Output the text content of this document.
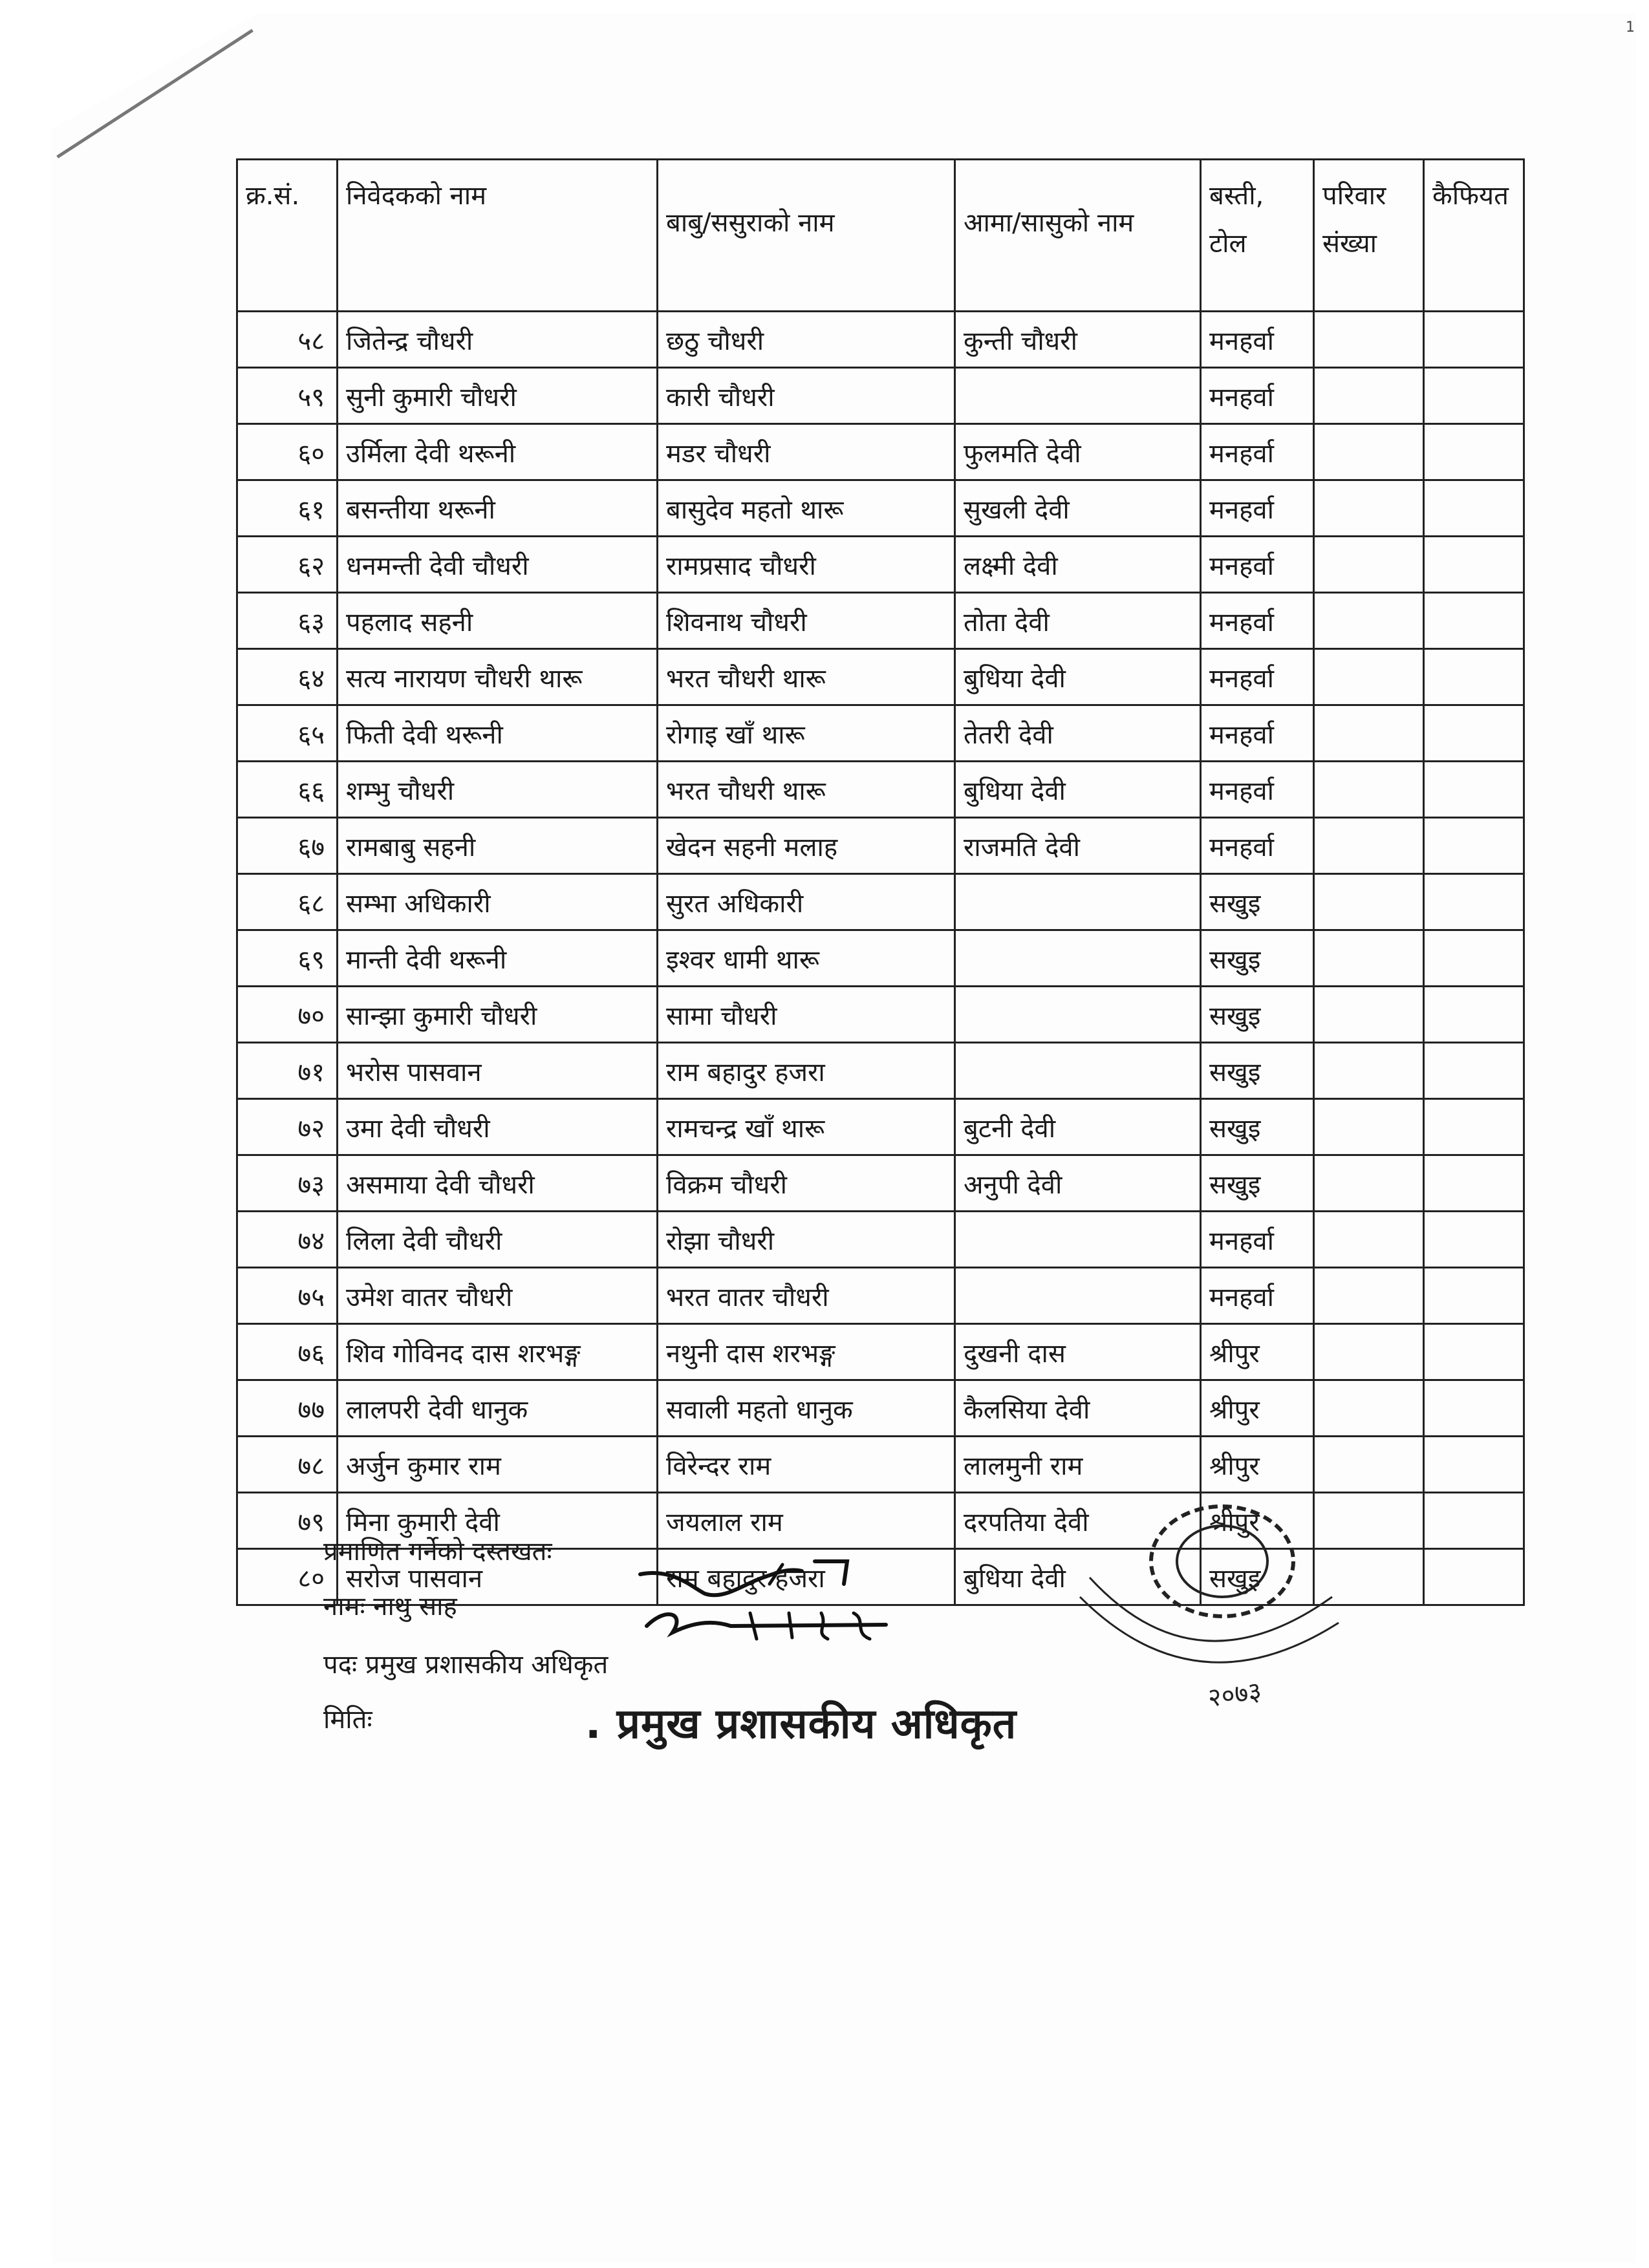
1
क्र.सं.	निवेदकको नाम	बाबु/ससुराको नाम	आमा/सासुको नाम	बस्ती, टोल	परिवार संख्या	कैफियत
५८	जितेन्द्र चौधरी	छठु चौधरी	कुन्ती चौधरी	मनहर्वा		
५९	सुनी कुमारी चौधरी	कारी चौधरी		मनहर्वा		
६०	उर्मिला देवी थरूनी	मडर चौधरी	फुलमति देवी	मनहर्वा		
६१	बसन्तीया थरूनी	बासुदेव महतो थारू	सुखली देवी	मनहर्वा		
६२	धनमन्ती देवी चौधरी	रामप्रसाद चौधरी	लक्ष्मी देवी	मनहर्वा		
६३	पहलाद सहनी	शिवनाथ चौधरी	तोता देवी	मनहर्वा		
६४	सत्य नारायण चौधरी थारू	भरत चौधरी थारू	बुधिया देवी	मनहर्वा		
६५	फिती देवी थरूनी	रोगाइ खाँ थारू	तेतरी देवी	मनहर्वा		
६६	शम्भु चौधरी	भरत चौधरी थारू	बुधिया देवी	मनहर्वा		
६७	रामबाबु सहनी	खेदन सहनी मलाह	राजमति देवी	मनहर्वा		
६८	सम्भा अधिकारी	सुरत अधिकारी		सखुइ		
६९	मान्ती देवी थरूनी	इश्वर धामी थारू		सखुइ		
७०	सान्झा कुमारी चौधरी	सामा चौधरी		सखुइ		
७१	भरोस पासवान	राम बहादुर हजरा		सखुइ		
७२	उमा देवी चौधरी	रामचन्द्र खाँ थारू	बुटनी देवी	सखुइ		
७३	असमाया देवी चौधरी	विक्रम चौधरी	अनुपी देवी	सखुइ		
७४	लिला देवी चौधरी	रोझा चौधरी		मनहर्वा		
७५	उमेश वातर चौधरी	भरत वातर चौधरी		मनहर्वा		
७६	शिव गोविनद दास शरभङ्ग	नथुनी दास शरभङ्ग	दुखनी दास	श्रीपुर		
७७	लालपरी देवी धानुक	सवाली महतो धानुक	कैलसिया देवी	श्रीपुर		
७८	अर्जुन कुमार राम	विरेन्दर राम	लालमुनी राम	श्रीपुर		
७९	मिना कुमारी देवी	जयलाल राम	दरपतिया देवी	श्रीपुर		
८०	सरोज पासवान	राम बहादुर हजरा	बुधिया देवी	सखुइ		
प्रमाणित गर्नेको दस्तखतः
नामः नाथु साह
पदः प्रमुख प्रशासकीय अधिकृत
मितिः	. प्रमुख प्रशासकीय अधिकृत
२०७३
